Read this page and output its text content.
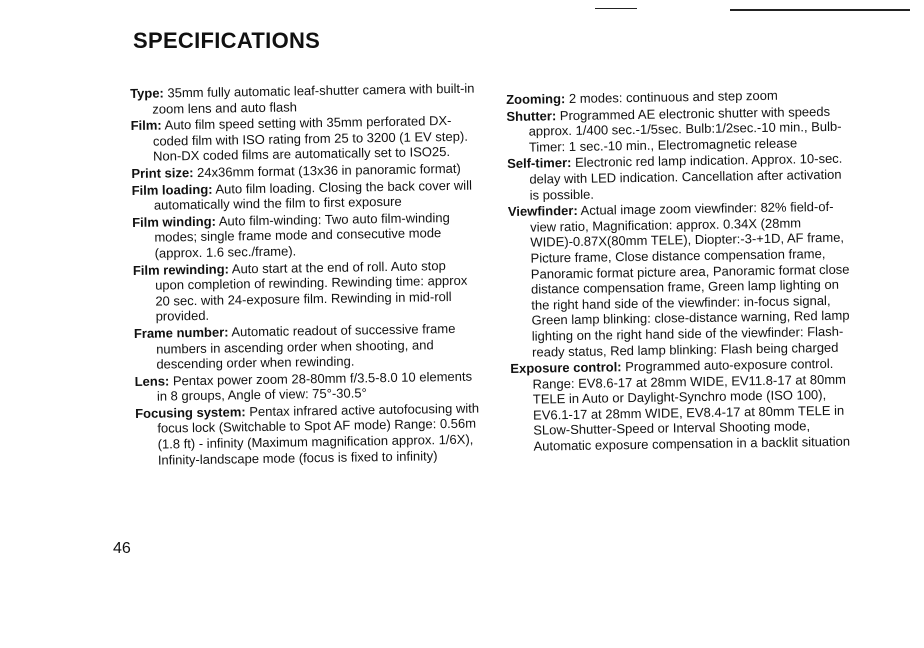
SPECIFICATIONS

Type: 35mm fully automatic leaf-shutter camera with built-in zoom lens and auto flash

Film: Auto film speed setting with 35mm perforated DX-coded film with ISO rating from 25 to 3200 (1 EV step). Non-DX coded films are automatically set to ISO25.

Print size: 24x36mm format (13x36 in panoramic format)

Film loading: Auto film loading. Closing the back cover will automatically wind the film to first exposure

Film winding: Auto film-winding: Two auto film-winding modes; single frame mode and consecutive mode (approx. 1.6 sec./frame).

Film rewinding: Auto start at the end of roll. Auto stop upon completion of rewinding. Rewinding time: approx 20 sec. with 24-exposure film. Rewinding in mid-roll provided.

Frame number: Automatic readout of successive frame numbers in ascending order when shooting, and descending order when rewinding.

Lens: Pentax power zoom 28-80mm f/3.5-8.0 10 elements in 8 groups, Angle of view: 75°-30.5°

Focusing system: Pentax infrared active autofocusing with focus lock (Switchable to Spot AF mode) Range: 0.56m (1.8 ft) - infinity (Maximum magnification approx. 1/6X), Infinity-landscape mode (focus is fixed to infinity)

Zooming: 2 modes: continuous and step zoom

Shutter: Programmed AE electronic shutter with speeds approx. 1/400 sec.-1/5sec. Bulb:1/2sec.-10 min., Bulb-Timer: 1 sec.-10 min., Electromagnetic release

Self-timer: Electronic red lamp indication. Approx. 10-sec. delay with LED indication. Cancellation after activation is possible.

Viewfinder: Actual image zoom viewfinder: 82% field-of-view ratio, Magnification: approx. 0.34X (28mm WIDE)-0.87X(80mm TELE), Diopter:-3-+1D, AF frame, Picture frame, Close distance compensation frame, Panoramic format picture area, Panoramic format close distance compensation frame, Green lamp lighting on the right hand side of the viewfinder: in-focus signal, Green lamp blinking: close-distance warning, Red lamp lighting on the right hand side of the viewfinder: Flash-ready status, Red lamp blinking: Flash being charged

Exposure control: Programmed auto-exposure control. Range: EV8.6-17 at 28mm WIDE, EV11.8-17 at 80mm TELE in Auto or Daylight-Synchro mode (ISO 100), EV6.1-17 at 28mm WIDE, EV8.4-17 at 80mm TELE in SLow-Shutter-Speed or Interval Shooting mode, Automatic exposure compensation in a backlit situation

46
